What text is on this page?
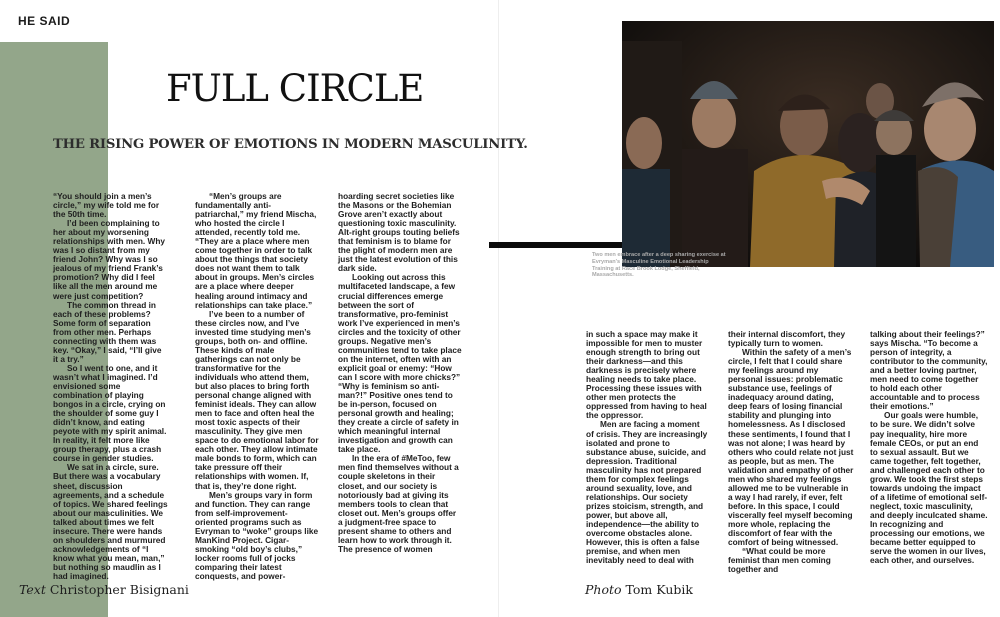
HE SAID
FULL CIRCLE
THE RISING POWER OF EMOTIONS IN MODERN MASCULINITY.

“You should join a men’s circle,” my wife told me for the 50th time.

I’d been complaining to her about my worsening relationships with men. Why was I so distant from my friend John? Why was I so jealous of my friend Frank’s promotion? Why did I feel like all the men around me were just competition?

The common thread in each of these problems? Some form of separation from other men. Perhaps connecting with them was key. “Okay,” I said, “I’ll give it a try.”

So I went to one, and it wasn’t what I imagined. I’d envisioned some combination of playing bongos in a circle, crying on the shoulder of some guy I didn’t know, and eating peyote with my spirit animal. In reality, it felt more like group therapy, plus a crash course in gender studies.

We sat in a circle, sure. But there was a vocabulary sheet, discussion agreements, and a schedule of topics. We shared feelings about our masculinities. We talked about times we felt insecure. There were hands on shoulders and murmured acknowledgements of “I know what you mean, man,” but nothing so maudlin as I had imagined.

“Men’s groups are fundamentally anti-patriarchal,” my friend Mischa, who hosted the circle I attended, recently told me. “They are a place where men come together in order to talk about the things that society does not want them to talk about in groups. Men’s circles are a place where deeper healing around intimacy and relationships can take place.”

I’ve been to a number of these circles now, and I’ve invested time studying men’s groups, both on- and offline. These kinds of male gatherings can not only be transformative for the individuals who attend them, but also places to bring forth personal change aligned with feminist ideals. They can allow men to face and often heal the most toxic aspects of their masculinity. They give men space to do emotional labor for each other. They allow intimate male bonds to form, which can take pressure off their relationships with women. If, that is, they’re done right.

Men’s groups vary in form and function. They can range from self-improvement-oriented programs such as Evryman to “woke” groups like ManKind Project. Cigar-smoking “old boy’s clubs,” locker rooms full of jocks comparing their latest conquests, and power-

hoarding secret societies like the Masons or the Bohemian Grove aren’t exactly about questioning toxic masculinity. Alt-right groups touting beliefs that feminism is to blame for the plight of modern men are just the latest evolution of this dark side.

Looking out across this multifaceted landscape, a few crucial differences emerge between the sort of transformative, pro-feminist work I’ve experienced in men’s circles and the toxicity of other groups. Negative men’s communities tend to take place on the internet, often with an explicit goal or enemy: “How can I score with more chicks?” “Why is feminism so anti-man?!” Positive ones tend to be in-person, focused on personal growth and healing; they create a circle of safety in which meaningful internal investigation and growth can take place.

In the era of #MeToo, few men find themselves without a couple skeletons in their closet, and our society is notoriously bad at giving its members tools to clean that closet out. Men’s groups offer a judgment-free space to present shame to others and learn how to work through it. The presence of women

Two men embrace after a deep sharing exercise at Evryman's Masculine Emotional Leadership Training at Race Brook Lodge, Sheffield, Massachusetts.

in such a space may make it impossible for men to muster enough strength to bring out their darkness—and this darkness is precisely where healing needs to take place. Processing these issues with other men protects the oppressed from having to heal the oppressor.

Men are facing a moment of crisis. They are increasingly isolated and prone to substance abuse, suicide, and depression. Traditional masculinity has not prepared them for complex feelings around sexuality, love, and relationships. Our society prizes stoicism, strength, and power, but above all, independence—the ability to overcome obstacles alone. However, this is often a false premise, and when men inevitably need to deal with

their internal discomfort, they typically turn to women.

Within the safety of a men’s circle, I felt that I could share my feelings around my personal issues: problematic substance use, feelings of inadequacy around dating, deep fears of losing financial stability and plunging into homelessness. As I disclosed these sentiments, I found that I was not alone; I was heard by others who could relate not just as people, but as men. The validation and empathy of other men who shared my feelings allowed me to be vulnerable in a way I had rarely, if ever, felt before. In this space, I could viscerally feel myself becoming more whole, replacing the discomfort of fear with the comfort of being witnessed.

“What could be more feminist than men coming together and

talking about their feelings?” says Mischa. “To become a person of integrity, a contributor to the community, and a better loving partner, men need to come together to hold each other accountable and to process their emotions.”

Our goals were humble, to be sure. We didn’t solve pay inequality, hire more female CEOs, or put an end to sexual assault. But we came together, felt together, and challenged each other to grow. We took the first steps towards undoing the impact of a lifetime of emotional self-neglect, toxic masculinity, and deeply inculcated shame. In recognizing and processing our emotions, we became better equipped to serve the women in our lives, each other, and ourselves.

Text Christopher Bisignani	Photo Tom Kubik
